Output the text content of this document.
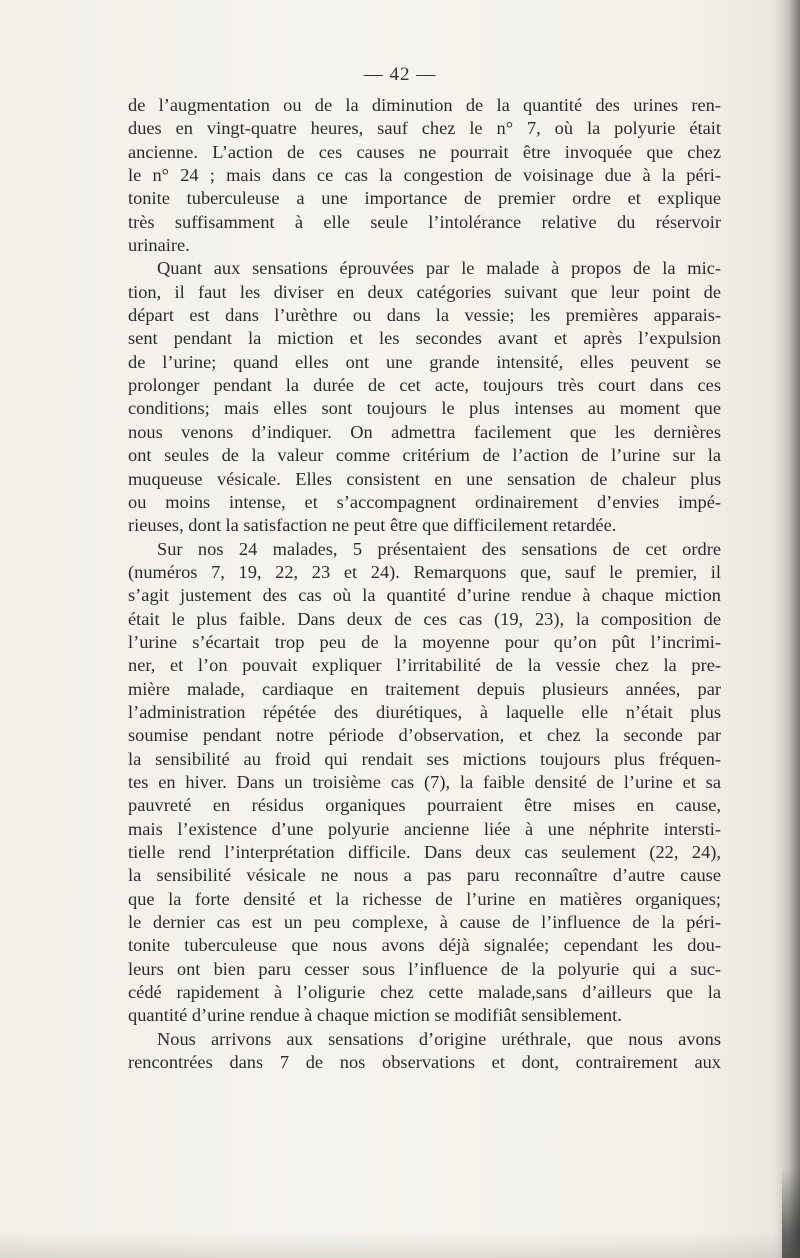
— 42 —
de l’augmentation ou de la diminution de la quantité des urines ren-
dues en vingt-quatre heures, sauf chez le n° 7, où la polyurie était
ancienne. L’action de ces causes ne pourrait être invoquée que chez
le n° 24 ; mais dans ce cas la congestion de voisinage due à la péri-
tonite tuberculeuse a une importance de premier ordre et explique
très suffisamment à elle seule l’intolérance relative du réservoir
urinaire.
Quant aux sensations éprouvées par le malade à propos de la mic-
tion, il faut les diviser en deux catégories suivant que leur point de
départ est dans l’urèthre ou dans la vessie; les premières apparais-
sent pendant la miction et les secondes avant et après l’expulsion
de l’urine; quand elles ont une grande intensité, elles peuvent se
prolonger pendant la durée de cet acte, toujours très court dans ces
conditions; mais elles sont toujours le plus intenses au moment que
nous venons d’indiquer. On admettra facilement que les dernières
ont seules de la valeur comme critérium de l’action de l’urine sur la
muqueuse vésicale. Elles consistent en une sensation de chaleur plus
ou moins intense, et s’accompagnent ordinairement d’envies impé-
rieuses, dont la satisfaction ne peut être que difficilement retardée.
Sur nos 24 malades, 5 présentaient des sensations de cet ordre
(numéros 7, 19, 22, 23 et 24). Remarquons que, sauf le premier, il
s’agit justement des cas où la quantité d’urine rendue à chaque miction
était le plus faible. Dans deux de ces cas (19, 23), la composition de
l’urine s’écartait trop peu de la moyenne pour qu’on pût l’incrimi-
ner, et l’on pouvait expliquer l’irritabilité de la vessie chez la pre-
mière malade, cardiaque en traitement depuis plusieurs années, par
l’administration répétée des diurétiques, à laquelle elle n’était plus
soumise pendant notre période d’observation, et chez la seconde par
la sensibilité au froid qui rendait ses mictions toujours plus fréquen-
tes en hiver. Dans un troisième cas (7), la faible densité de l’urine et sa
pauvreté en résidus organiques pourraient être mises en cause,
mais l’existence d’une polyurie ancienne liée à une néphrite intersti-
tielle rend l’interprétation difficile. Dans deux cas seulement (22, 24),
la sensibilité vésicale ne nous a pas paru reconnaître d’autre cause
que la forte densité et la richesse de l’urine en matières organiques;
le dernier cas est un peu complexe, à cause de l’influence de la péri-
tonite tuberculeuse que nous avons déjà signalée; cependant les dou-
leurs ont bien paru cesser sous l’influence de la polyurie qui a suc-
cédé rapidement à l’oligurie chez cette malade,sans d’ailleurs que la
quantité d’urine rendue à chaque miction se modifiât sensiblement.
Nous arrivons aux sensations d’origine uréthrale, que nous avons
rencontrées dans 7 de nos observations et dont, contrairement aux
